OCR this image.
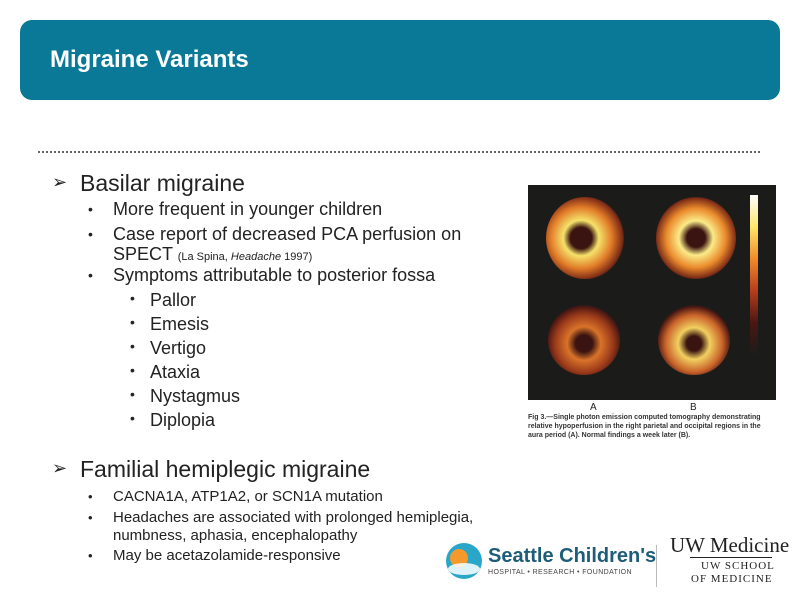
Migraine Variants
➢ Basilar migraine
• More frequent in younger children
• Case report of decreased PCA perfusion on SPECT (La Spina, Headache 1997)
• Symptoms attributable to posterior fossa
• Pallor
• Emesis
• Vertigo
• Ataxia
• Nystagmus
• Diplopia
➢ Familial hemiplegic migraine
• CACNA1A, ATP1A2, or SCN1A mutation
• Headaches are associated with prolonged hemiplegia, numbness, aphasia, encephalopathy
• May be acetazolamide-responsive
A	B
Fig 3.—Single photon emission computed tomography demonstrating relative hypoperfusion in the right parietal and occipital regions in the aura period (A). Normal findings a week later (B).
Seattle Children's
HOSPITAL • RESEARCH • FOUNDATION
UW Medicine
UW SCHOOL
OF MEDICINE
